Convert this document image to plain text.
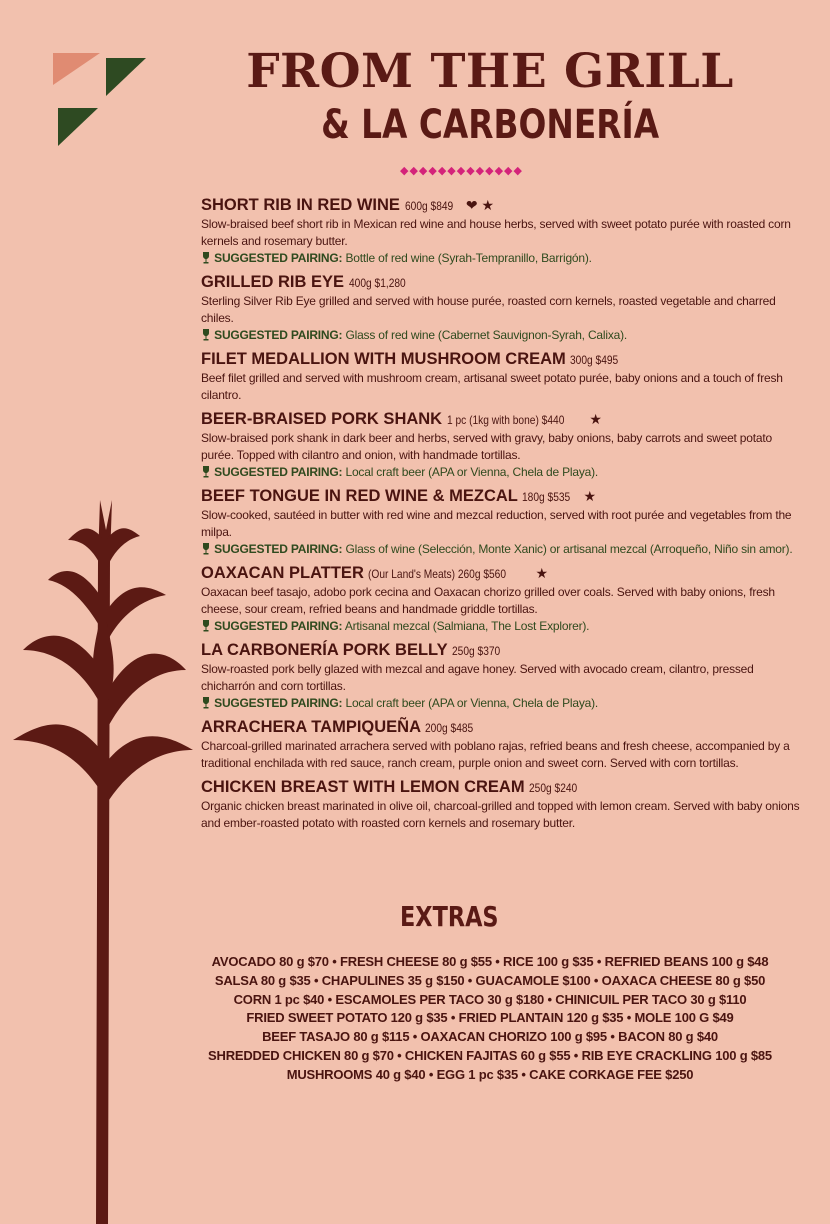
FROM THE GRILL
& LA CARBONERÍA
◆◆◆◆◆◆◆◆◆◆◆◆◆
SHORT RIB IN RED WINE 600g $849 ❤ ★
Slow-braised beef short rib in Mexican red wine and house herbs, served with sweet potato purée with roasted corn kernels and rosemary butter.
SUGGESTED PAIRING: Bottle of red wine (Syrah-Tempranillo, Barrigón).
GRILLED RIB EYE 400g $1,280
Sterling Silver Rib Eye grilled and served with house purée, roasted corn kernels, roasted vegetable and charred chiles.
SUGGESTED PAIRING: Glass of red wine (Cabernet Sauvignon-Syrah, Calixa).
FILET MEDALLION WITH MUSHROOM CREAM 300g $495
Beef filet grilled and served with mushroom cream, artisanal sweet potato purée, baby onions and a touch of fresh cilantro.
BEER-BRAISED PORK SHANK 1 pc (1kg with bone) $440 ★
Slow-braised pork shank in dark beer and herbs, served with gravy, baby onions, baby carrots and sweet potato purée. Topped with cilantro and onion, with handmade tortillas.
SUGGESTED PAIRING: Local craft beer (APA or Vienna, Chela de Playa).
BEEF TONGUE IN RED WINE & MEZCAL 180g $535 ★
Slow-cooked, sautéed in butter with red wine and mezcal reduction, served with root purée and vegetables from the milpa.
SUGGESTED PAIRING: Glass of wine (Selección, Monte Xanic) or artisanal mezcal (Arroqueño, Niño sin amor).
OAXACAN PLATTER (Our Land's Meats) 260g $560 ★
Oaxacan beef tasajo, adobo pork cecina and Oaxacan chorizo grilled over coals. Served with baby onions, fresh cheese, sour cream, refried beans and handmade griddle tortillas.
SUGGESTED PAIRING: Artisanal mezcal (Salmiana, The Lost Explorer).
LA CARBONERÍA PORK BELLY 250g $370
Slow-roasted pork belly glazed with mezcal and agave honey. Served with avocado cream, cilantro, pressed chicharrón and corn tortillas.
SUGGESTED PAIRING: Local craft beer (APA or Vienna, Chela de Playa).
ARRACHERA TAMPIQUEÑA 200g $485
Charcoal-grilled marinated arrachera served with poblano rajas, refried beans and fresh cheese, accompanied by a traditional enchilada with red sauce, ranch cream, purple onion and sweet corn. Served with corn tortillas.
CHICKEN BREAST WITH LEMON CREAM 250g $240
Organic chicken breast marinated in olive oil, charcoal-grilled and topped with lemon cream. Served with baby onions and ember-roasted potato with roasted corn kernels and rosemary butter.
EXTRAS
AVOCADO 80 g $70 • FRESH CHEESE 80 g $55 • RICE 100 g $35 • REFRIED BEANS 100 g $48
SALSA 80 g $35 • CHAPULINES 35 g $150 • GUACAMOLE $100 • OAXACA CHEESE 80 g $50
CORN 1 pc $40 • ESCAMOLES PER TACO 30 g $180 • CHINICUIL PER TACO 30 g $110
FRIED SWEET POTATO 120 g $35 • FRIED PLANTAIN 120 g $35 • MOLE 100 G $49
BEEF TASAJO 80 g $115 • OAXACAN CHORIZO 100 g $95 • BACON 80 g $40
SHREDDED CHICKEN 80 g $70 • CHICKEN FAJITAS 60 g $55 • RIB EYE CRACKLING 100 g $85
MUSHROOMS 40 g $40 • EGG 1 pc $35 • CAKE CORKAGE FEE $250
